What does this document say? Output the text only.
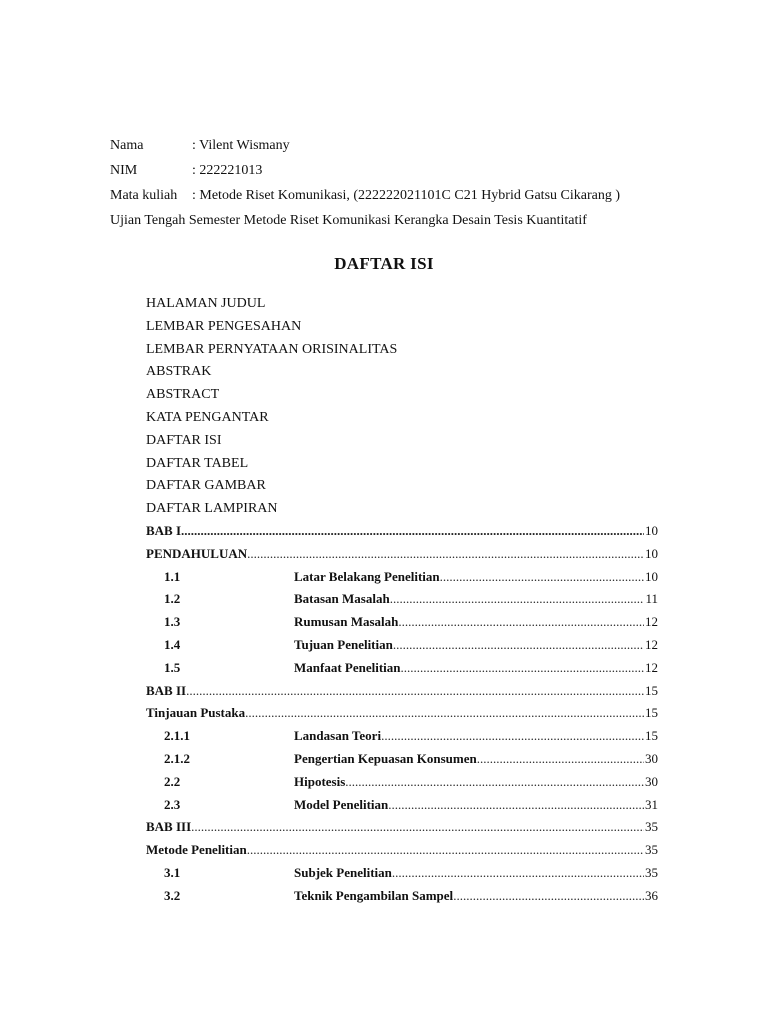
Nama	: Vilent Wismany
NIM	: 222221013
Mata kuliah : Metode Riset Komunikasi, (222222021101C C21 Hybrid Gatsu Cikarang )
Ujian Tengah Semester Metode Riset Komunikasi Kerangka Desain Tesis Kuantitatif
DAFTAR ISI
HALAMAN JUDUL
LEMBAR PENGESAHAN
LEMBAR PERNYATAAN ORISINALITAS
ABSTRAK
ABSTRACT
KATA PENGANTAR
DAFTAR ISI
DAFTAR TABEL
DAFTAR GAMBAR
DAFTAR LAMPIRAN
BAB I .....	10
PENDAHULUAN .....	10
1.1	Latar Belakang Penelitian .....	10
1.2	Batasan Masalah .....	11
1.3	Rumusan Masalah .....	12
1.4	Tujuan Penelitian .....	12
1.5	Manfaat Penelitian .....	12
BAB II .....	15
Tinjauan Pustaka .....	15
2.1.1	Landasan Teori .....	15
2.1.2	Pengertian Kepuasan Konsumen .....	30
2.2	Hipotesis .....	30
2.3	Model Penelitian .....	31
BAB III .....	35
Metode Penelitian .....	35
3.1	Subjek Penelitian .....	35
3.2	Teknik Pengambilan Sampel .....	36
